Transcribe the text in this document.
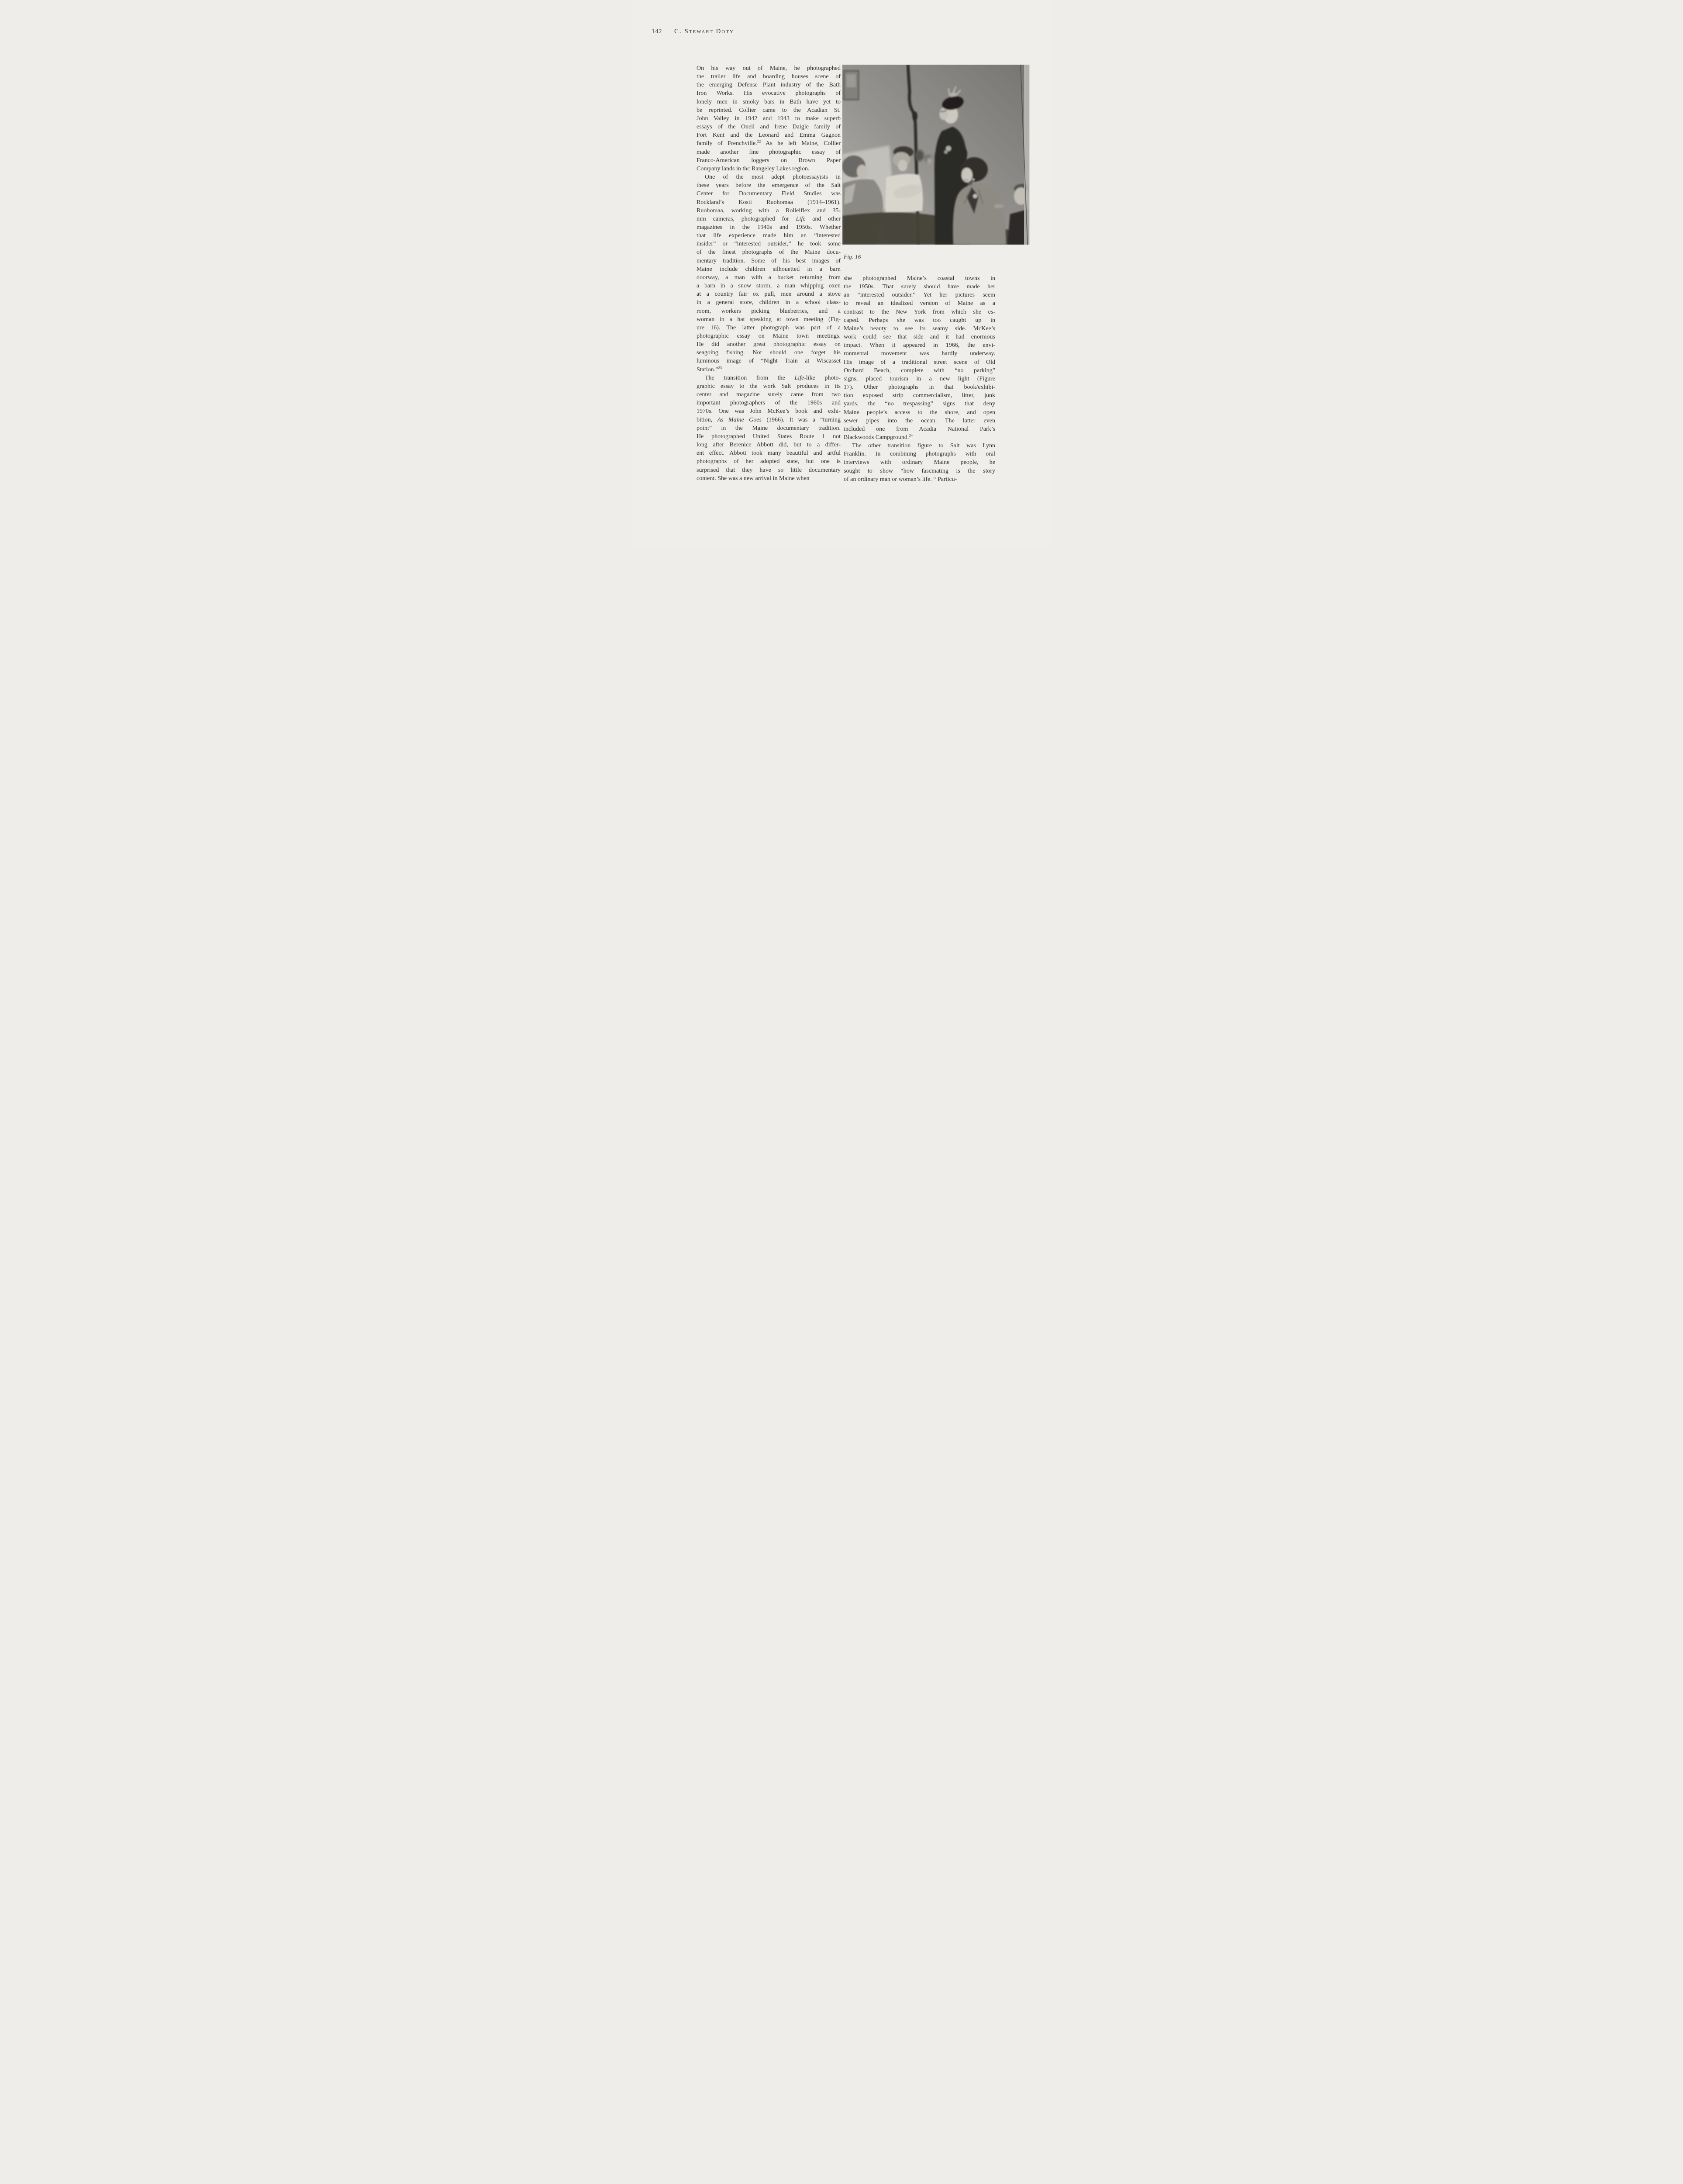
142 C. Stewart Doty
On his way out of Maine, he photographed
the trailer life and boarding houses scene of
the emerging Defense Plant industry of the Bath
Iron Works. His evocative photographs of
lonely men in smoky bars in Bath have yet to
be reprinted. Collier came to the Acadian St.
John Valley in 1942 and 1943 to make superb
essays of the Oneil and Irene Daigle family of
Fort Kent and the Leonard and Emma Gagnon
family of Frenchville.$^{22}$ As he left Maine, Collier
made another fine photographic essay of
Franco-American loggers on Brown Paper
Company lands in thc Rangeley Lakes region.
One of the most adept photoessayists in
these years before the emergence of the Salt
Center for Documentary Field Studies was
Rockland’s Kosti Ruohomaa (1914–1961).
Ruohomaa, working with a Rolleiflex and 35-
mm cameras, photographed for Life and other
magazines in the 1940s and 1950s. Whether
that life experience made him an “interested
insider” or “interested outsider,” he took some
of the finest photographs of the Maine docu-
mentary tradition. Some of his best images of
Maine include children silhouetted in a barn
doorway, a man with a bucket returning from
a barn in a snow storm, a man whipping oxen
at a country fair ox pull, men around a stove
in a general store, children in a school class-
room, workers picking blueberries, and a
woman in a hat speaking at town meeting (Fig-
ure 16). The latter photograph was part of a
photographic essay on Maine town meetings.
He did another great photographic essay on
seagoing fishing. Nor should one forget his
luminous image of “Night Train at Wiscasset
Station.”$^{23}$
The transition from the Life-like photo-
graphic essay to the work Salt produces in its
center and magazine surely came from two
important photographers of the 1960s and
1970s. One was John McKee’s book and exhi-
bition, As Maine Goes (1966). It was a “turning
point” in the Maine documentary tradition.
He photographed United States Route 1 not
long after Berenice Abbott did, but to a differ-
ent effect. Abbott took many beautiful and artful
photographs of her adopted state, but one is
surprised that they have so little documentary
content. She was a new arrival in Maine when
Fig. 16
she photographed Maine’s coastal towns in
the 1950s. That surely should have made her
an “interested outsider.” Yet her pictures seem
to reveal an idealized version of Maine as a
contrast to the New York from which she es-
caped. Perhaps she was too caught up in
Maine’s beauty to see its seamy side. McKee’s
work could see that side and it had enormous
impact. When it appeared in 1966, the envi-
ronmental movement was hardly underway.
His image of a traditional street scene of Old
Orchard Beach, complete with “no parking”
signs, placed tourism in a new light (Figure
17). Other photographs in that book/exhibi-
tion exposed strip commercialism, litter, junk
yards, the “no trespassing” signs that deny
Maine people’s access to the shore, and open
sewer pipes into the ocean. The latter even
included one from Acadia National Park’s
Blackwoods Campground.$^{24}$
The other transition figure to Salt was Lynn
Franklin. In combining photographs with oral
interviews with ordinary Maine people, he
sought to show “how fascinating is the story
of an ordinary man or woman’s life. “ Particu-
